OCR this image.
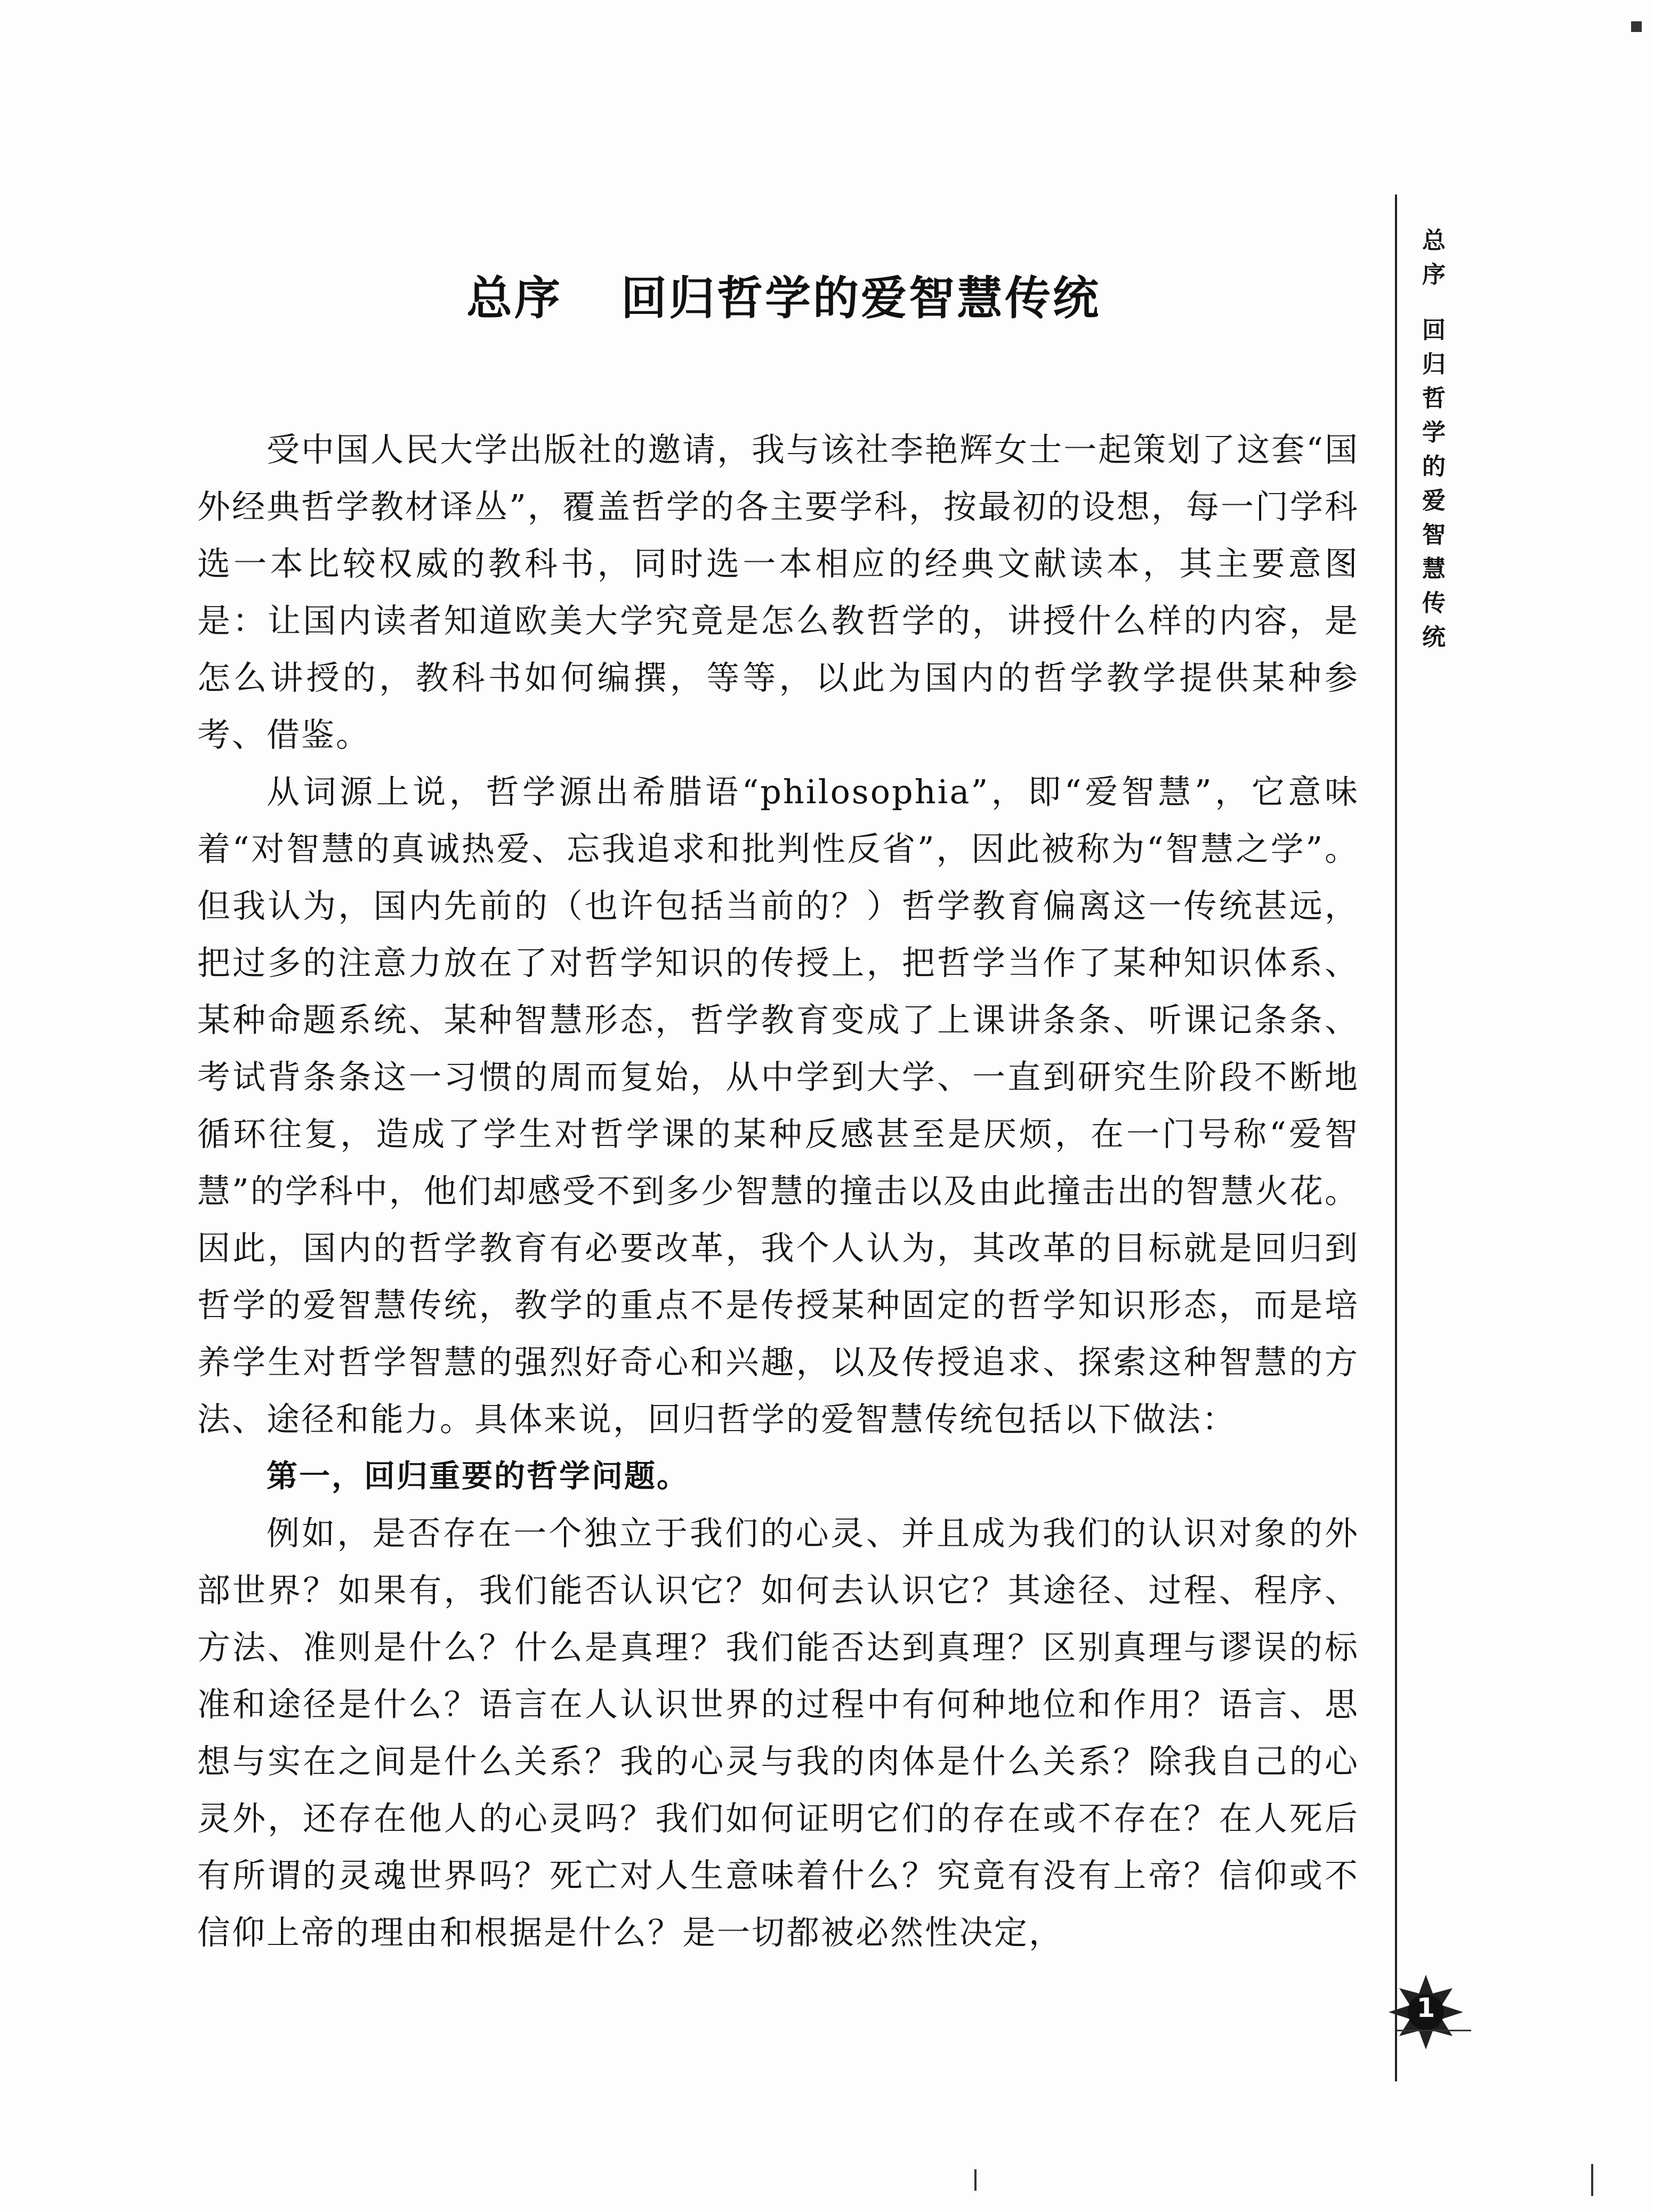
总序 回归哲学的爱智慧传统

受中国人民大学出版社的邀请，我与该社李艳辉女士一起策划了这套“国外经典哲学教材译丛”，覆盖哲学的各主要学科，按最初的设想，每一门学科选一本比较权威的教科书，同时选一本相应的经典文献读本，其主要意图是：让国内读者知道欧美大学究竟是怎么教哲学的，讲授什么样的内容，是怎么讲授的，教科书如何编撰，等等，以此为国内的哲学教学提供某种参考、借鉴。

从词源上说，哲学源出希腊语“philosophia”，即“爱智慧”，它意味着“对智慧的真诚热爱、忘我追求和批判性反省”，因此被称为“智慧之学”。但我认为，国内先前的（也许包括当前的？）哲学教育偏离这一传统甚远，把过多的注意力放在了对哲学知识的传授上，把哲学当作了某种知识体系、某种命题系统、某种智慧形态，哲学教育变成了上课讲条条、听课记条条、考试背条条这一习惯的周而复始，从中学到大学、一直到研究生阶段不断地循环往复，造成了学生对哲学课的某种反感甚至是厌烦，在一门号称“爱智慧”的学科中，他们却感受不到多少智慧的撞击以及由此撞击出的智慧火花。因此，国内的哲学教育有必要改革，我个人认为，其改革的目标就是回归到哲学的爱智慧传统，教学的重点不是传授某种固定的哲学知识形态，而是培养学生对哲学智慧的强烈好奇心和兴趣，以及传授追求、探索这种智慧的方法、途径和能力。具体来说，回归哲学的爱智慧传统包括以下做法：

第一，回归重要的哲学问题。

例如，是否存在一个独立于我们的心灵、并且成为我们的认识对象的外部世界？如果有，我们能否认识它？如何去认识它？其途径、过程、程序、方法、准则是什么？什么是真理？我们能否达到真理？区别真理与谬误的标准和途径是什么？语言在人认识世界的过程中有何种地位和作用？语言、思想与实在之间是什么关系？我的心灵与我的肉体是什么关系？除我自己的心灵外，还存在他人的心灵吗？我们如何证明它们的存在或不存在？在人死后有所谓的灵魂世界吗？死亡对人生意味着什么？究竟有没有上帝？信仰或不信仰上帝的理由和根据是什么？是一切都被必然性决定，

总
序
回
归
哲
学
的
爱
智
慧
传
统
1
